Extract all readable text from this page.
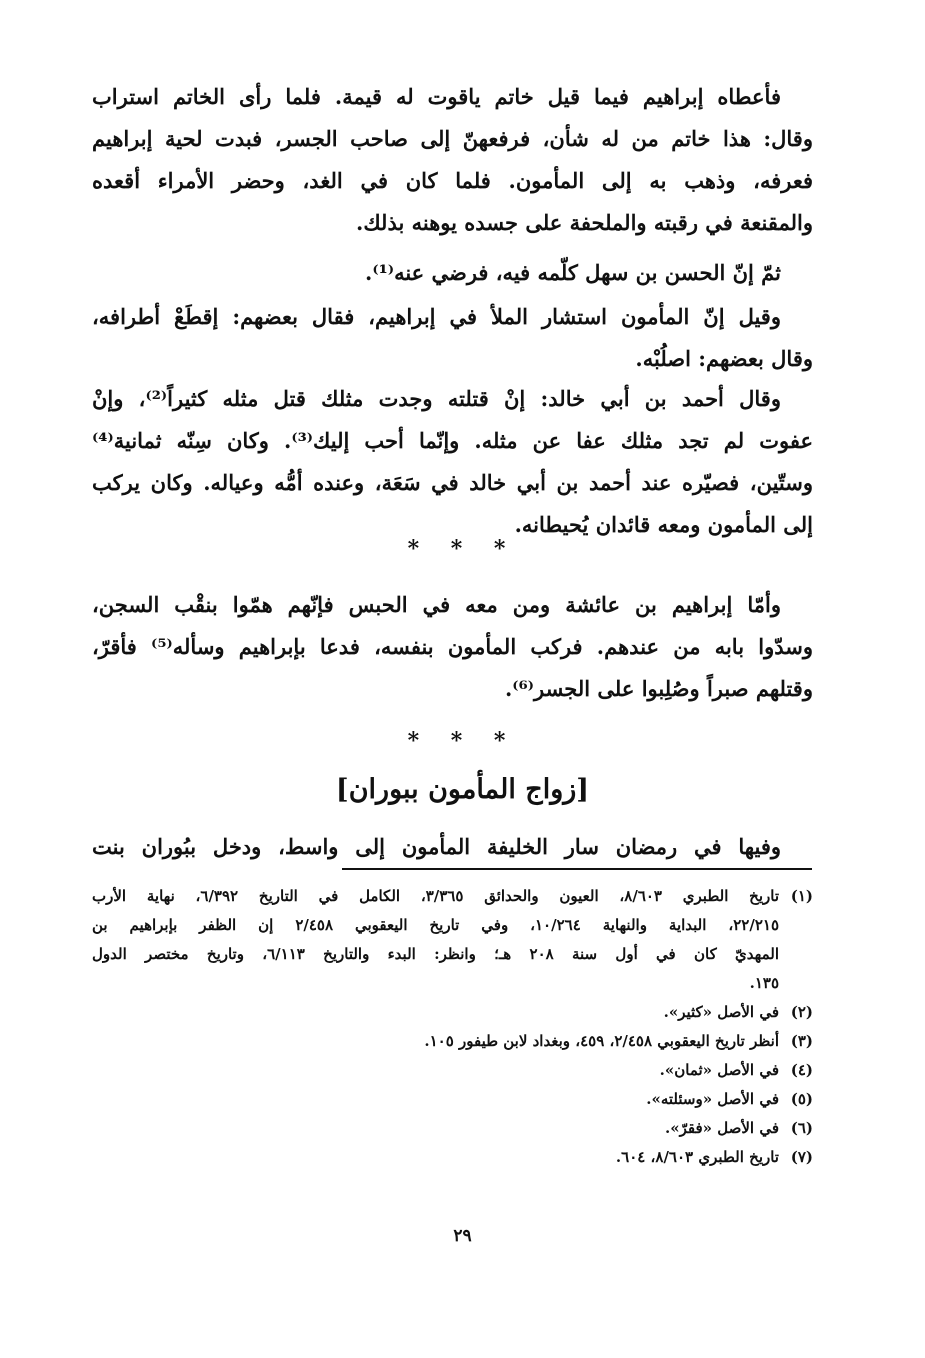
فأعطاه إبراهيم فيما قيل خاتم ياقوت له قيمة. فلما رأى الخاتم استراب
وقال: هذا خاتم من له شأن، فرفعهنّ إلى صاحب الجسر، فبدت لحية إبراهيم
فعرفه، وذهب به إلى المأمون. فلما كان في الغد، وحضر الأمراء أقعده
والمقنعة في رقبته والملحفة على جسده يوهنه بذلك.
ثمّ إنّ الحسن بن سهل كلّمه فيه، فرضي عنه⁽¹⁾.
وقيل إنّ المأمون استشار الملأ في إبراهيم، فقال بعضهم: إقطَعْ أطرافه،
وقال بعضهم: اصلُبْه.
وقال أحمد بن أبي خالد: إنْ قتلته وجدت مثلك قتل مثله كثيراً⁽²⁾، وإنْ
عفوت لم تجد مثلك عفا عن مثله. وإنّما أحب إليك⁽³⁾. وكان سِنّه ثمانية⁽⁴⁾
وستّين، فصيّره عند أحمد بن أبي خالد في سَعَة، وعنده أمُّه وعياله. وكان يركب
إلى المأمون ومعه قائدان يُحيطانه.
* * *
وأمّا إبراهيم بن عائشة ومن معه في الحبس فإنّهم همّوا بنقْب السجن،
وسدّوا بابه من عندهم. فركب المأمون بنفسه، فدعا بإبراهيم وسأله⁽⁵⁾ فأقرّ،
وقتلهم صبراً وصُلِبوا على الجسر⁽⁶⁾.
* * *
[زواج المأمون ببوران]
وفيها في رمضان سار الخليفة المأمون إلى واسط، ودخل ببُوران بنت
(١)
تاريخ الطبري ٨/٦٠٣، العيون والحدائق ٣/٣٦٥، الكامل في التاريخ ٦/٣٩٢، نهاية الأرب
٢٢/٢١٥، البداية والنهاية ١٠/٢٦٤، وفي تاريخ اليعقوبي ٢/٤٥٨ إن الظفر بإبراهيم بن
المهديّ كان في أول سنة ٢٠٨ هـ؛ وانظر: البدء والتاريخ ٦/١١٣، وتاريخ مختصر الدول
١٣٥.
(٢)
في الأصل «كثير».
(٣)
أنظر تاريخ اليعقوبي ٢/٤٥٨، ٤٥٩، وبغداد لابن طيفور ١٠٥.
(٤)
في الأصل «ثمان».
(٥)
في الأصل «وسئلته».
(٦)
في الأصل «فقرّ».
(٧)
تاريخ الطبري ٨/٦٠٣، ٦٠٤.
٢٩
